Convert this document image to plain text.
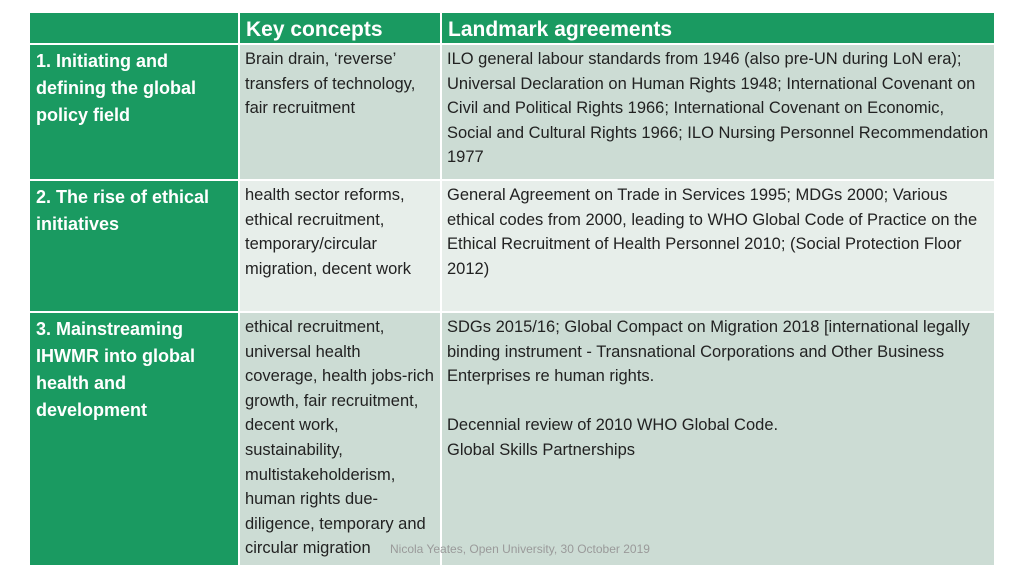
Key concepts	Landmark agreements
1. Initiating and defining the global policy field
Brain drain, ‘reverse’ transfers of technology, fair recruitment

ILO general labour standards from 1946 (also pre-UN during LoN era); Universal Declaration on Human Rights 1948; International Covenant on Civil and Political Rights 1966; International Covenant on Economic, Social and Cultural Rights 1966; ILO Nursing Personnel Recommendation 1977

2. The rise of ethical initiatives
health sector reforms, ethical recruitment, temporary/circular migration, decent work

General Agreement on Trade in Services 1995; MDGs 2000; Various ethical codes from 2000, leading to WHO Global Code of Practice on the Ethical Recruitment of Health Personnel 2010; (Social Protection Floor 2012)

3. Mainstreaming IHWMR into global health and development
ethical recruitment, universal health coverage, health jobs-rich growth, fair recruitment, decent work, sustainability, multistakeholderism, human rights due-diligence, temporary and circular migration

SDGs 2015/16; Global Compact on Migration 2018 [international legally binding instrument - Transnational Corporations and Other Business Enterprises re human rights.

Decennial review of 2010 WHO Global Code.

Global Skills Partnerships

Nicola Yeates, Open University, 30 October 2019
